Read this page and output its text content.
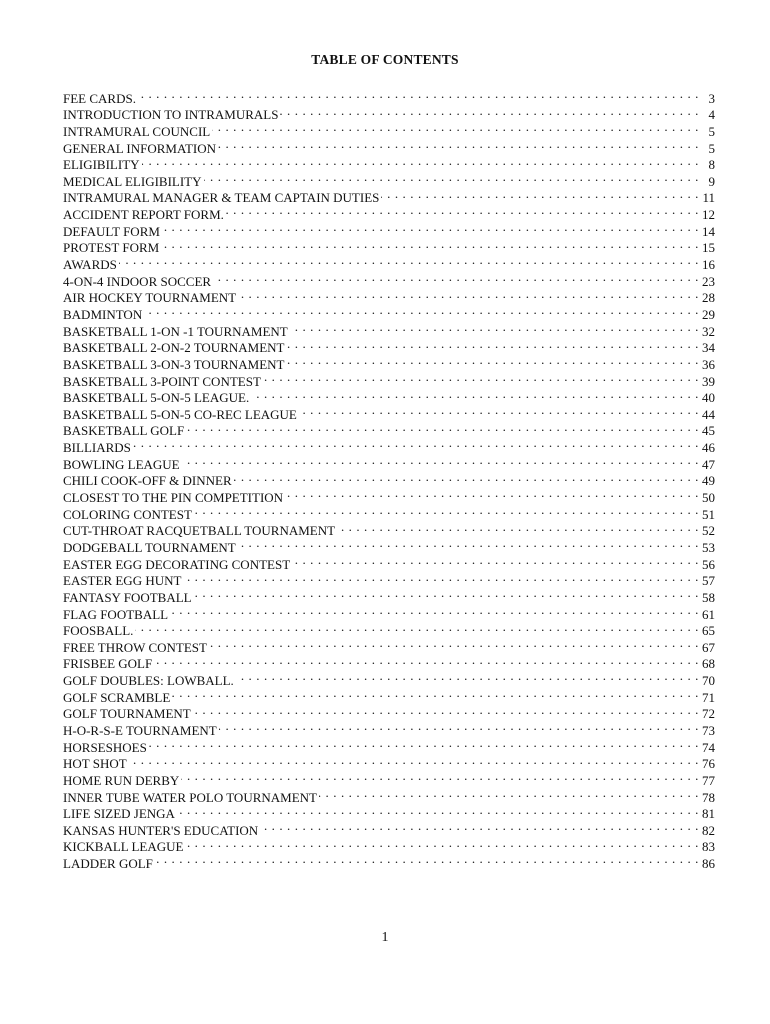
TABLE OF CONTENTS
FEE CARDS. . . .	3
INTRODUCTION TO INTRAMURALS . . .	4
INTRAMURAL COUNCIL . . .	5
GENERAL INFORMATION . . .	5
ELIGIBILITY . . .	8
MEDICAL ELIGIBILITY . . .	9
INTRAMURAL MANAGER & TEAM CAPTAIN DUTIES . . .	11
ACCIDENT REPORT FORM. . . .	12
DEFAULT FORM . . .	14
PROTEST FORM . . .	15
AWARDS . . .	16
4-ON-4 INDOOR SOCCER . . .	23
AIR HOCKEY TOURNAMENT . . .	28
BADMINTON . . .	29
BASKETBALL 1-ON -1 TOURNAMENT . . .	32
BASKETBALL 2-ON-2 TOURNAMENT . . .	34
BASKETBALL 3-ON-3 TOURNAMENT . . .	36
BASKETBALL 3-POINT CONTEST . . .	39
BASKETBALL 5-ON-5 LEAGUE. . . .	40
BASKETBALL 5-ON-5 CO-REC LEAGUE . . .	44
BASKETBALL GOLF . . .	45
BILLIARDS . . .	46
BOWLING LEAGUE . . .	47
CHILI COOK-OFF & DINNER . . .	49
CLOSEST TO THE PIN COMPETITION . . .	50
COLORING CONTEST . . .	51
CUT-THROAT RACQUETBALL TOURNAMENT . . .	52
DODGEBALL TOURNAMENT . . .	53
EASTER EGG DECORATING CONTEST . . .	56
EASTER EGG HUNT . . .	57
FANTASY FOOTBALL . . .	58
FLAG FOOTBALL . . .	61
FOOSBALL. . . .	65
FREE THROW CONTEST . . .	67
FRISBEE GOLF . . .	68
GOLF DOUBLES: LOWBALL. . . .	70
GOLF SCRAMBLE . . .	71
GOLF TOURNAMENT . . .	72
H-O-R-S-E TOURNAMENT . . .	73
HORSESHOES . . .	74
HOT SHOT . . .	76
HOME RUN DERBY . . .	77
INNER TUBE WATER POLO TOURNAMENT . . .	78
LIFE SIZED JENGA . . .	81
KANSAS HUNTER'S EDUCATION . . .	82
KICKBALL LEAGUE . . .	83
LADDER GOLF . . .	86
1
